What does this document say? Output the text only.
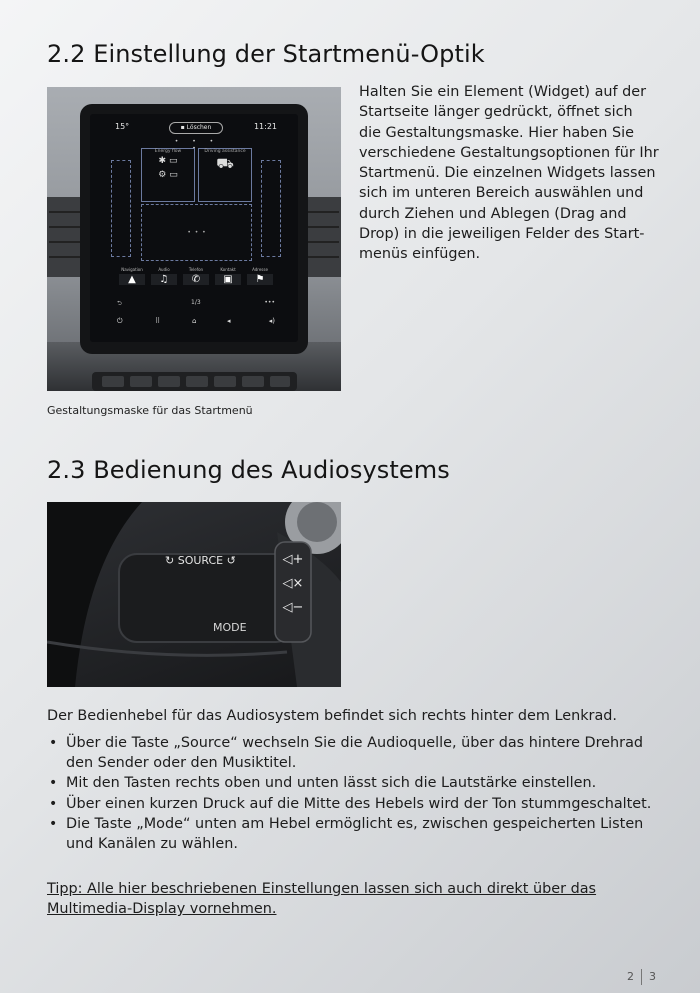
2.2 Einstellung der Startmenü-Optik
15°	▪ Löschen	11:21
• • • •
Energy flow
✱ ▭
⚙ ▭
Driving assistance
⛟
•  •  •
Navigation
▲
Audio
♫
Telefon
✆
Kontakt
▣
Adresse
⚑
⮌	1/3	•••
⏻	⠿	⌂	◂	◂)

Halten Sie ein Element (Widget) auf der Startseite länger gedrückt, öffnet sich die Gestaltungsmaske. Hier haben Sie verschiedene Gestaltungsoptionen für Ihr Startmenü. Die einzelnen Widgets lassen sich im unteren Bereich auswählen und durch Ziehen und Ablegen (Drag and Drop) in die jeweiligen Felder des Start- menüs einfügen.

Gestaltungsmaske für das Startmenü
2.3 Bedienung des Audiosystems
↻ SOURCE ↺
MODE
◁+
◁×
◁−

Der Bedienhebel für das Audiosystem befindet sich rechts hinter dem Lenkrad.

• Über die Taste „Source“ wechseln Sie die Audioquelle, über das hintere Drehrad den Sender oder den Musiktitel.
• Mit den Tasten rechts oben und unten lässt sich die Lautstärke einstellen.
• Über einen kurzen Druck auf die Mitte des Hebels wird der Ton stummgeschaltet.
• Die Taste „Mode“ unten am Hebel ermöglicht es, zwischen gespeicherten Listen und Kanälen zu wählen.

Tipp: Alle hier beschriebenen Einstellungen lassen sich auch direkt über das Multimedia-Display vornehmen.

2 3
